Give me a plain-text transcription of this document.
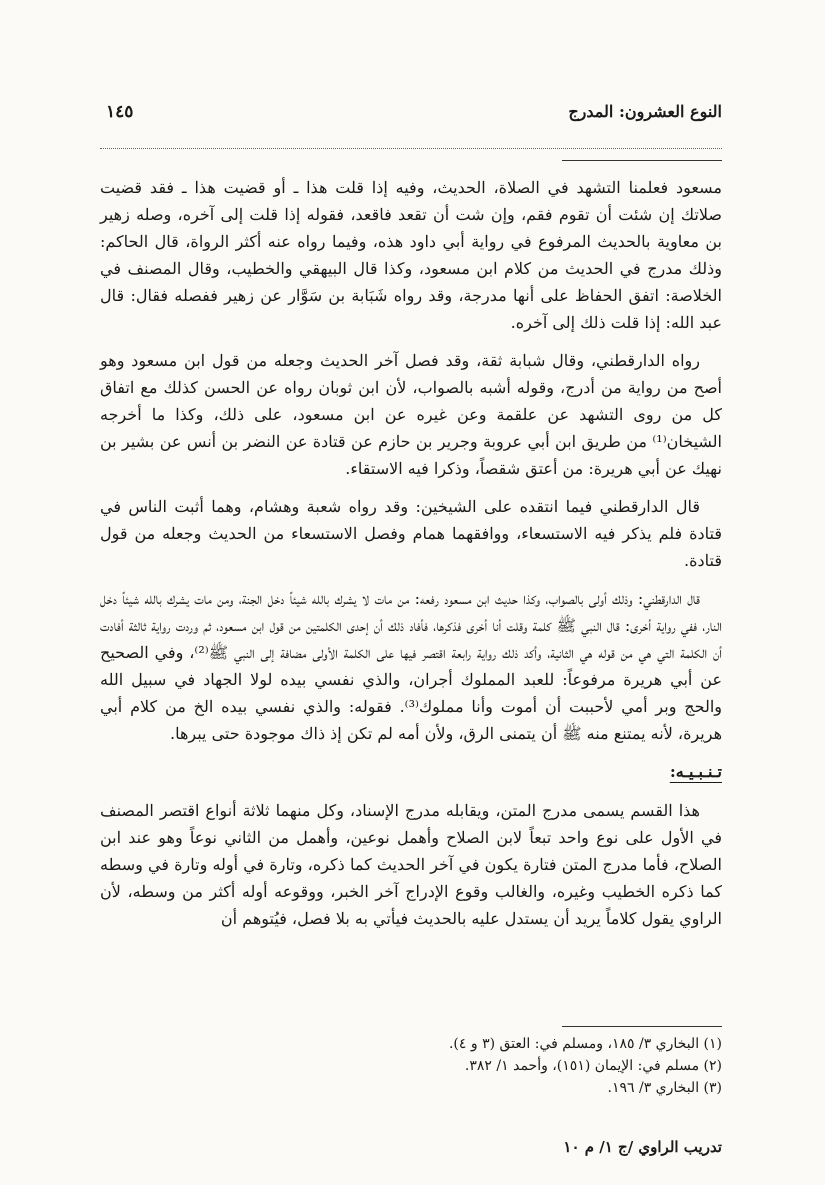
النوع العشرون: المدرج
١٤٥

مسعود فعلمنا التشهد في الصلاة، الحديث، وفيه إذا قلت هذا ـ أو قضيت هذا ـ فقد قضيت صلاتك إن شئت أن تقوم فقم، وإن شت أن تقعد فاقعد، فقوله إذا قلت إلى آخره، وصله زهير بن معاوية بالحديث المرفوع في رواية أبي داود هذه، وفيما رواه عنه أكثر الرواة، قال الحاكم: وذلك مدرج في الحديث من كلام ابن مسعود، وكذا قال البيهقي والخطيب، وقال المصنف في الخلاصة: اتفق الحفاظ على أنها مدرجة، وقد رواه شَبَابة بن سَوَّار عن زهير ففصله فقال: قال عبد الله: إذا قلت ذلك إلى آخره.

رواه الدارقطني، وقال شبابة ثقة، وقد فصل آخر الحديث وجعله من قول ابن مسعود وهو أصح من رواية من أدرج، وقوله أشبه بالصواب، لأن ابن ثوبان رواه عن الحسن كذلك مع اتفاق كل من روى التشهد عن علقمة وعن غيره عن ابن مسعود، على ذلك، وكذا ما أخرجه الشيخان⁽¹⁾ من طريق ابن أبي عروبة وجرير بن حازم عن قتادة عن النضر بن أنس عن بشير بن نهيك عن أبي هريرة: من أعتق شقصاً، وذكرا فيه الاستقاء.

قال الدارقطني فيما انتقده على الشيخين: وقد رواه شعبة وهشام، وهما أثبت الناس في قتادة فلم يذكر فيه الاستسعاء، ووافقهما همام وفصل الاستسعاء من الحديث وجعله من قول قتادة.

قال الدارقطني: وذلك أولى بالصواب، وكذا حديث ابن مسعود رفعه: من مات لا يشرك بالله شيئاً دخل الجنة، ومن مات يشرك بالله شيئاً دخل النار، ففي رواية أخرى: قال النبي ﷺ كلمة وقلت أنا أخرى فذكرها، فأفاد ذلك أن إحدى الكلمتين من قول ابن مسعود، ثم وردت رواية ثالثة أفادت أن الكلمة التي هي من قوله هي الثانية، وأكد ذلك رواية رابعة اقتصر فيها على الكلمة الأولى مضافة إلى النبي ﷺ⁽²⁾، وفي الصحيح عن أبي هريرة مرفوعاً: للعبد المملوك أجران، والذي نفسي بيده لولا الجهاد في سبيل الله والحج وبر أمي لأحببت أن أموت وأنا مملوك⁽³⁾. فقوله: والذي نفسي بيده الخ من كلام أبي هريرة، لأنه يمتنع منه ﷺ أن يتمنى الرق، ولأن أمه لم تكن إذ ذاك موجودة حتى يبرها.

تـنـبـيـه:

هذا القسم يسمى مدرج المتن، ويقابله مدرج الإسناد، وكل منهما ثلاثة أنواع اقتصر المصنف في الأول على نوع واحد تبعاً لابن الصلاح وأهمل نوعين، وأهمل من الثاني نوعاً وهو عند ابن الصلاح، فأما مدرج المتن فتارة يكون في آخر الحديث كما ذكره، وتارة في أوله وتارة في وسطه كما ذكره الخطيب وغيره، والغالب وقوع الإدراج آخر الخبر، ووقوعه أوله أكثر من وسطه، لأن الراوي يقول كلاماً يريد أن يستدل عليه بالحديث فيأتي به بلا فصل، فيُتوهم أن

(١) البخاري ٣/ ١٨٥، ومسلم في: العتق (٣ و ٤).

(٢) مسلم في: الإيمان (١٥١)، وأحمد ١/ ٣٨٢.

(٣) البخاري ٣/ ١٩٦.

تدريب الراوي /ج ١/ م ١٠
